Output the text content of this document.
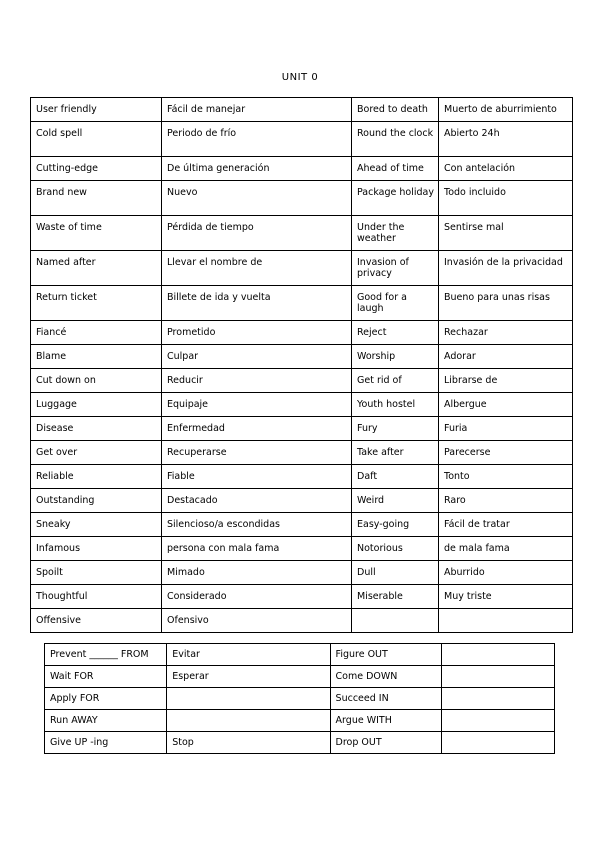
UNIT 0
User friendly	Fácil de manejar	Bored to death	Muerto de aburrimiento
Cold spell	Periodo de frío	Round the clock	Abierto 24h
Cutting-edge	De última generación	Ahead of time	Con antelación
Brand new	Nuevo	Package holiday	Todo incluido
Waste of time	Pérdida de tiempo	Under the weather	Sentirse mal
Named after	Llevar el nombre de	Invasion of privacy	Invasión de la privacidad
Return ticket	Billete de ida y vuelta	Good for a laugh	Bueno para unas risas
Fiancé	Prometido	Reject	Rechazar
Blame	Culpar	Worship	Adorar
Cut down on	Reducir	Get rid of	Librarse de
Luggage	Equipaje	Youth hostel	Albergue
Disease	Enfermedad	Fury	Furia
Get over	Recuperarse	Take after	Parecerse
Reliable	Fiable	Daft	Tonto
Outstanding	Destacado	Weird	Raro
Sneaky	Silencioso/a escondidas	Easy-going	Fácil de tratar
Infamous	persona con mala fama	Notorious	de mala fama
Spoilt	Mimado	Dull	Aburrido
Thoughtful	Considerado	Miserable	Muy triste
Offensive	Ofensivo		
Prevent ______ FROM	Evitar	Figure OUT	
Wait FOR	Esperar	Come DOWN	
Apply FOR		Succeed IN	
Run AWAY		Argue WITH	
Give UP -ing	Stop	Drop OUT	
